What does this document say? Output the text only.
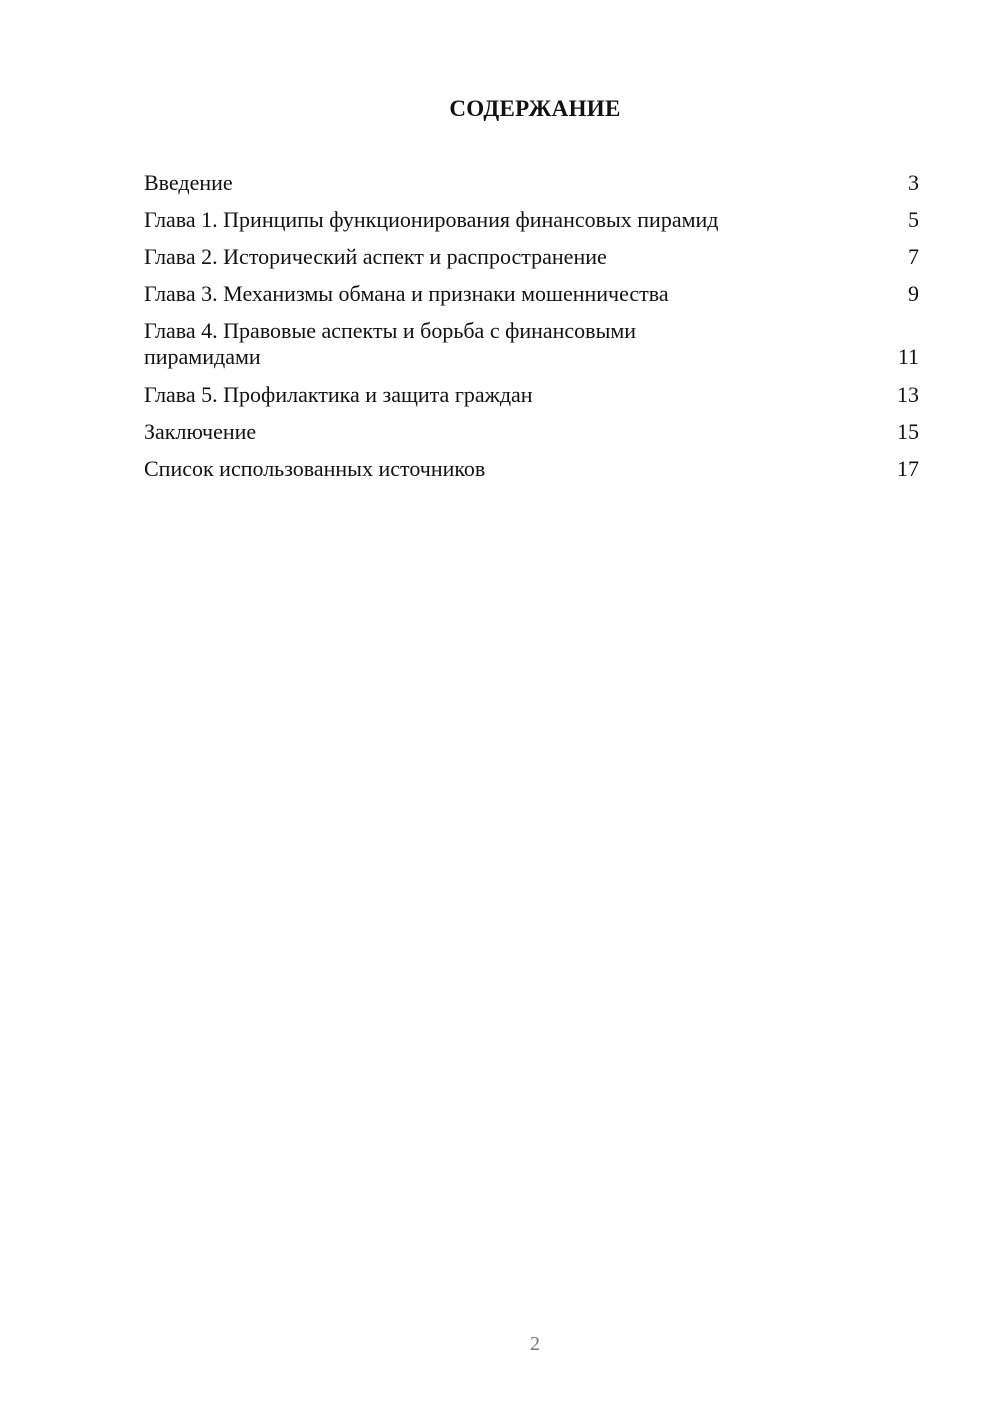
СОДЕРЖАНИЕ
Введение	3
Глава 1. Принципы функционирования финансовых пирамид	5
Глава 2. Исторический аспект и распространение	7
Глава 3. Механизмы обмана и признаки мошенничества	9
Глава 4. Правовые аспекты и борьба с финансовыми пирамидами	11
Глава 5. Профилактика и защита граждан	13
Заключение	15
Список использованных источников	17
2
